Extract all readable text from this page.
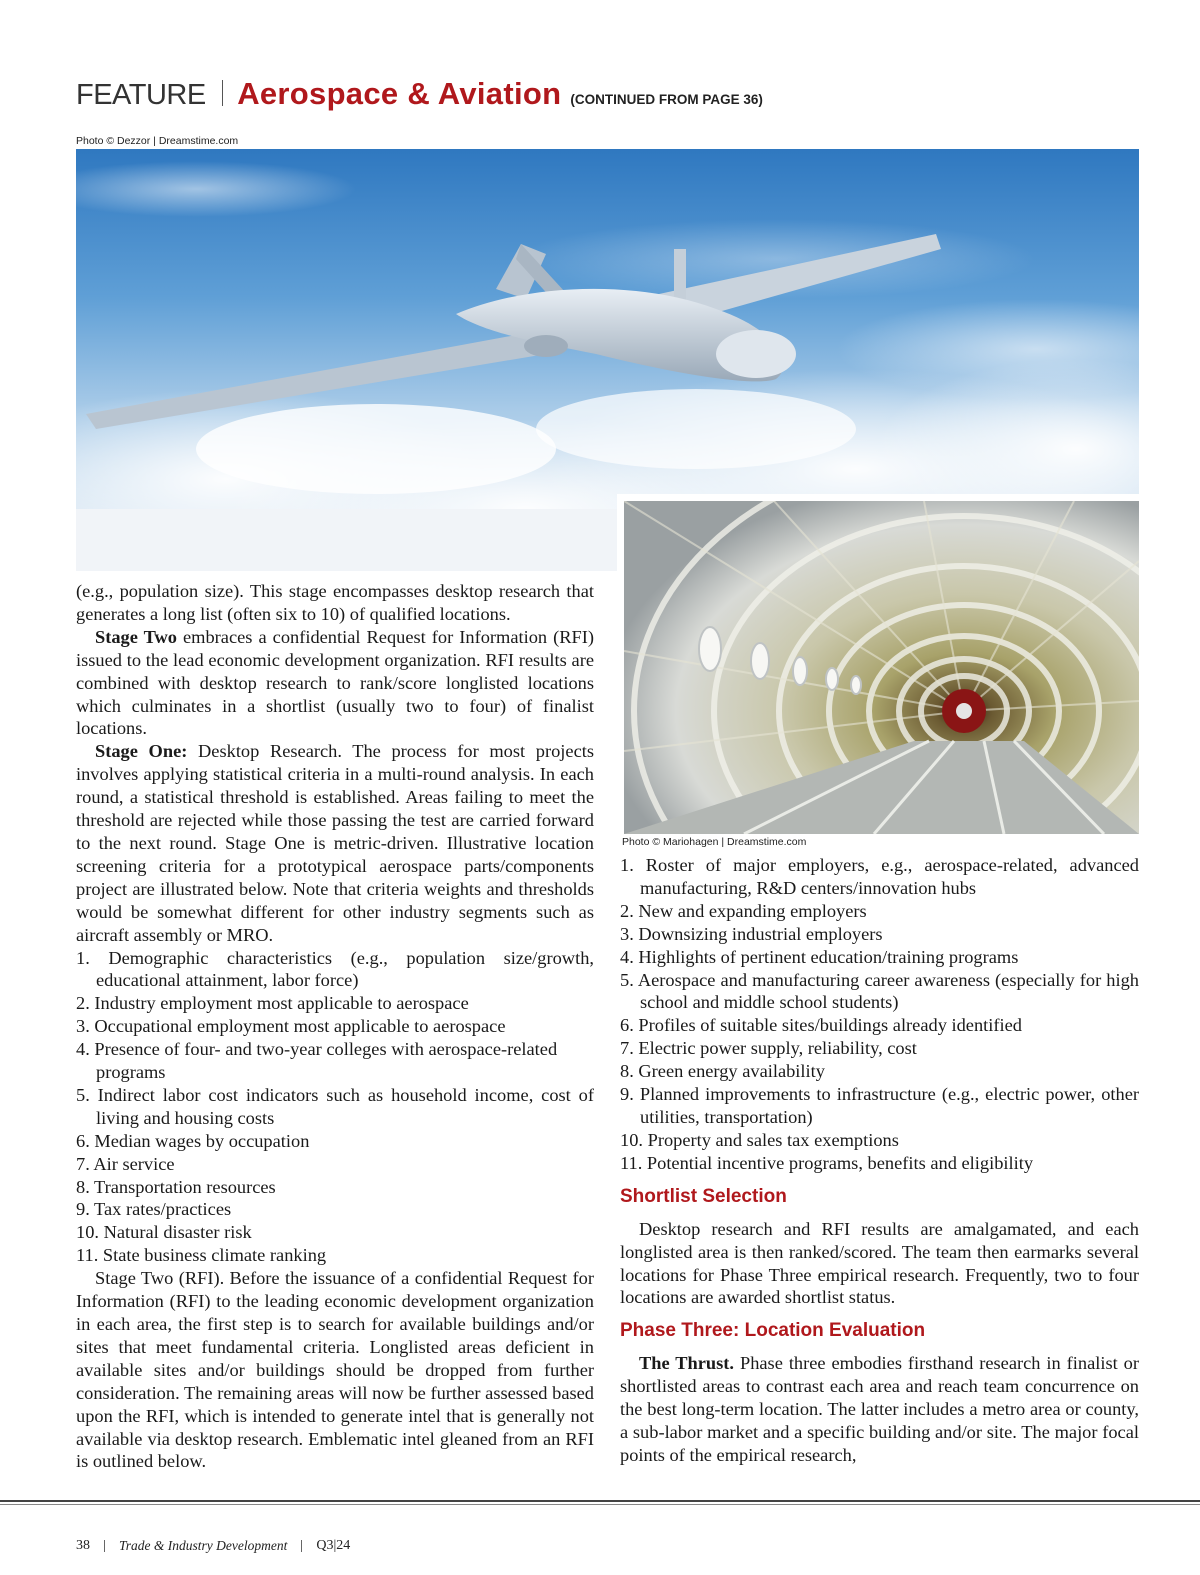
FEATURE Aerospace & Aviation (CONTINUED FROM PAGE 36)
Photo © Dezzor | Dreamstime.com
Photo © Mariohagen | Dreamstime.com

(e.g., population size). This stage encompasses desktop research that generates a long list (often six to 10) of qualified locations.

Stage Two embraces a confidential Request for Information (RFI) issued to the lead economic development organization. RFI results are combined with desktop research to rank/score longlisted locations which culminates in a shortlist (usually two to four) of finalist locations.

Stage One: Desktop Research. The process for most projects involves applying statistical criteria in a multi-round analysis. In each round, a statistical threshold is established. Areas failing to meet the threshold are rejected while those passing the test are carried forward to the next round. Stage One is metric-driven. Illustrative location screening criteria for a prototypical aerospace parts/components project are illustrated below. Note that criteria weights and thresholds would be somewhat different for other industry segments such as aircraft assembly or MRO.

1. Demographic characteristics (e.g., population size/growth, educational attainment, labor force)

2. Industry employment most applicable to aerospace

3. Occupational employment most applicable to aerospace

4. Presence of four- and two-year colleges with aerospace-related programs

5. Indirect labor cost indicators such as household income, cost of living and housing costs

6. Median wages by occupation

7. Air service

8. Transportation resources

9. Tax rates/practices

10. Natural disaster risk

11. State business climate ranking

Stage Two (RFI). Before the issuance of a confidential Request for Information (RFI) to the leading economic development organization in each area, the first step is to search for available buildings and/or sites that meet fundamental criteria. Longlisted areas deficient in available sites and/or buildings should be dropped from further consideration. The remaining areas will now be further assessed based upon the RFI, which is intended to generate intel that is generally not available via desktop research. Emblematic intel gleaned from an RFI is outlined below.

1. Roster of major employers, e.g., aerospace-related, advanced manufacturing, R&D centers/innovation hubs

2. New and expanding employers

3. Downsizing industrial employers

4. Highlights of pertinent education/training programs

5. Aerospace and manufacturing career awareness (especially for high school and middle school students)

6. Profiles of suitable sites/buildings already identified

7. Electric power supply, reliability, cost

8. Green energy availability

9. Planned improvements to infrastructure (e.g., electric power, other utilities, transportation)

10. Property and sales tax exemptions

11. Potential incentive programs, benefits and eligibility

Shortlist Selection

Desktop research and RFI results are amalgamated, and each longlisted area is then ranked/scored. The team then earmarks several locations for Phase Three empirical research. Frequently, two to four locations are awarded shortlist status.

Phase Three: Location Evaluation

The Thrust. Phase three embodies firsthand research in finalist or shortlisted areas to contrast each area and reach team concurrence on the best long-term location. The latter includes a metro area or county, a sub-labor market and a specific building and/or site. The major focal points of the empirical research,

38 Trade & Industry Development Q3|24
